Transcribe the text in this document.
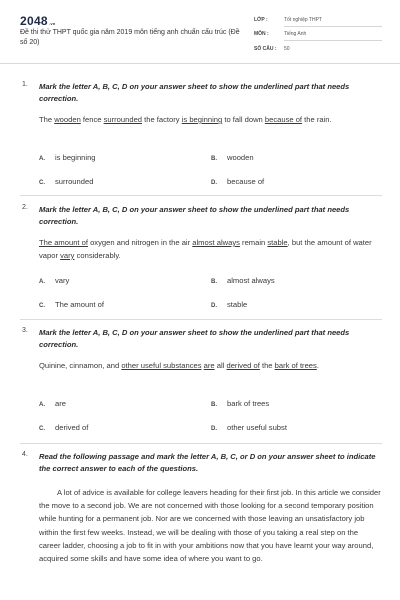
2048.vn
Đề thi thử THPT quốc gia năm 2019 môn tiếng anh chuẩn cấu trúc (Đề số 20)
LỚP :	Tốt nghiệp THPT
MÔN :	Tiếng Anh
SỐ CÂU : 50
1. Mark the letter A, B, C, D on your answer sheet to show the underlined part that needs correction.
The wooden fence surrounded the factory is beginning to fall down because of the rain.
A. is beginning	B. wooden
C. surrounded	D. because of
2. Mark the letter A, B, C, D on your answer sheet to show the underlined part that needs correction.
The amount of oxygen and nitrogen in the air almost always remain stable, but the amount of water vapor vary considerably.
A. vary	B. almost always
C. The amount of	D. stable
3. Mark the letter A, B, C, D on your answer sheet to show the underlined part that needs correction.
Quinine, cinnamon, and other useful substances are all derived of the bark of trees.
A. are	B. bark of trees
C. derived of	D. other useful subst
4. Read the following passage and mark the letter A, B, C, or D on your answer sheet to indicate the correct answer to each of the questions.
A lot of advice is available for college leavers heading for their first job. In this article we consider the move to a second job. We are not concerned with those looking for a second temporary position while hunting for a permanent job. Nor are we concerned with those leaving an unsatisfactory job within the first few weeks. Instead, we will be dealing with those of you taking a real step on the career ladder, choosing a job to fit in with your ambitions now that you have learnt your way around, acquired some skills and have some idea of where you want to go.
